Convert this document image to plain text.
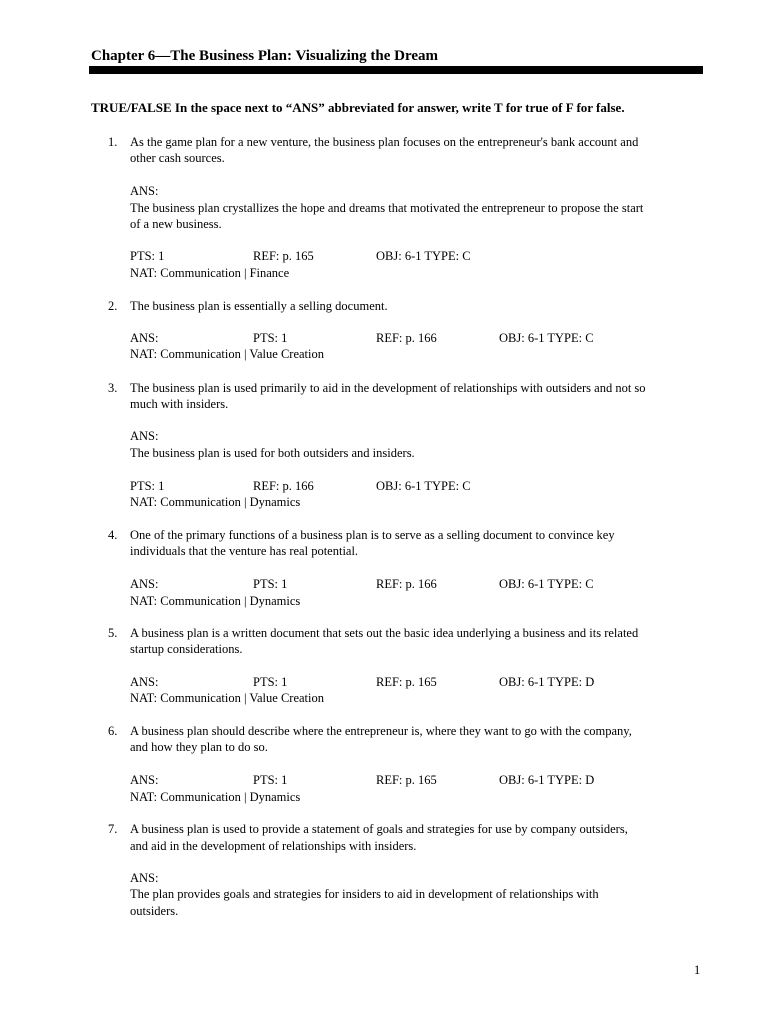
Chapter 6—The Business Plan: Visualizing the Dream
TRUE/FALSE In the space next to “ANS” abbreviated for answer, write T for true of F for false.
1. As the game plan for a new venture, the business plan focuses on the entrepreneur's bank account and
other cash sources.
ANS:
The business plan crystallizes the hope and dreams that motivated the entrepreneur to propose the start
of a new business.
PTS: 1	REF: p. 165	OBJ: 6-1 TYPE: C
NAT: Communication | Finance
2. The business plan is essentially a selling document.
ANS:	PTS: 1	REF: p. 166	OBJ: 6-1 TYPE: C
NAT: Communication | Value Creation
3. The business plan is used primarily to aid in the development of relationships with outsiders and not so
much with insiders.
ANS:
The business plan is used for both outsiders and insiders.
PTS: 1	REF: p. 166	OBJ: 6-1 TYPE: C
NAT: Communication | Dynamics
4. One of the primary functions of a business plan is to serve as a selling document to convince key
individuals that the venture has real potential.
ANS:	PTS: 1	REF: p. 166	OBJ: 6-1 TYPE: C
NAT: Communication | Dynamics
5. A business plan is a written document that sets out the basic idea underlying a business and its related
startup considerations.
ANS:	PTS: 1	REF: p. 165	OBJ: 6-1 TYPE: D
NAT: Communication | Value Creation
6. A business plan should describe where the entrepreneur is, where they want to go with the company,
and how they plan to do so.
ANS:	PTS: 1	REF: p. 165	OBJ: 6-1 TYPE: D
NAT: Communication | Dynamics
7. A business plan is used to provide a statement of goals and strategies for use by company outsiders,
and aid in the development of relationships with insiders.
ANS:
The plan provides goals and strategies for insiders to aid in development of relationships with
outsiders.
1
